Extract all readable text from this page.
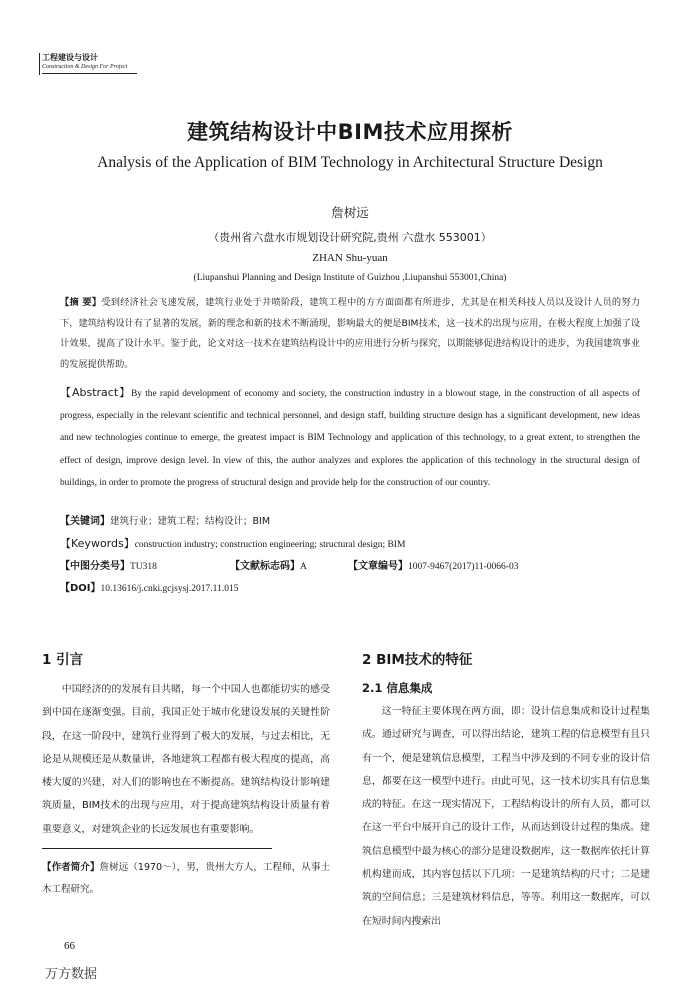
工程建设与设计
Construction & Design For Project
建筑结构设计中BIM技术应用探析
Analysis of the Application of BIM Technology in Architectural Structure Design
詹树远
（贵州省六盘水市规划设计研究院,贵州 六盘水 553001）
ZHAN Shu-yuan
(Liupanshui Planning and Design Institute of Guizhou ,Liupanshui 553001,China)
【摘 要】受到经济社会飞速发展，建筑行业处于井喷阶段，建筑工程中的方方面面都有所进步，尤其是在相关科技人员以及设计人员的努力下，建筑结构设计有了显著的发展，新的理念和新的技术不断涌现，影响最大的便是BIM技术，这一技术的出现与应用，在极大程度上加强了设计效果，提高了设计水平。鉴于此，论文对这一技术在建筑结构设计中的应用进行分析与探究，以期能够促进结构设计的进步，为我国建筑事业的发展提供帮助。
【Abstract】By the rapid development of economy and society, the construction industry in a blowout stage, in the construction of all aspects of progress, especially in the relevant scientific and technical personnel, and design staff, building structure design has a significant development, new ideas and new technologies continue to emerge, the greatest impact is BIM Technology and application of this technology, to a great extent, to strengthen the effect of design, improve design level. In view of this, the author analyzes and explores the application of this technology in the structural design of buildings, in order to promote the progress of structural design and provide help for the construction of our country.
【关键词】建筑行业；建筑工程；结构设计；BIM
【Keywords】construction industry; construction engineering; structural design; BIM
【中图分类号】TU318	【文献标志码】A	【文章编号】1007-9467(2017)11-0066-03
【DOI】10.13616/j.cnki.gcjsysj.2017.11.015
1 引言

中国经济的的发展有目共睹，每一个中国人也都能切实的感受到中国在逐渐变强。目前，我国正处于城市化建设发展的关键性阶段，在这一阶段中，建筑行业得到了极大的发展，与过去相比，无论是从规模还是从数量讲，各地建筑工程都有极大程度的提高，高楼大厦的兴建，对人们的影响也在不断提高。建筑结构设计影响建筑质量，BIM技术的出现与应用，对于提高建筑结构设计质量有着重要意义，对建筑企业的长远发展也有重要影响。

2 BIM技术的特征
2.1 信息集成

这一特征主要体现在两方面，即：设计信息集成和设计过程集成。通过研究与调查，可以得出结论，建筑工程的信息模型有且只有一个，便是建筑信息模型，工程当中涉及到的不同专业的设计信息，都要在这一模型中进行。由此可见，这一技术切实具有信息集成的特征。在这一现实情况下，工程结构设计的所有人员，都可以在这一平台中展开自己的设计工作，从而达到设计过程的集成。建筑信息模型中最为核心的部分是建设数据库，这一数据库依托计算机构建而成，其内容包括以下几项：一是建筑结构的尺寸；二是建筑的空间信息；三是建筑材料信息，等等。利用这一数据库，可以在短时间内搜索出

【作者简介】詹树远（1970～），男，贵州大方人，工程师，从事土木工程研究。
66
万方数据
